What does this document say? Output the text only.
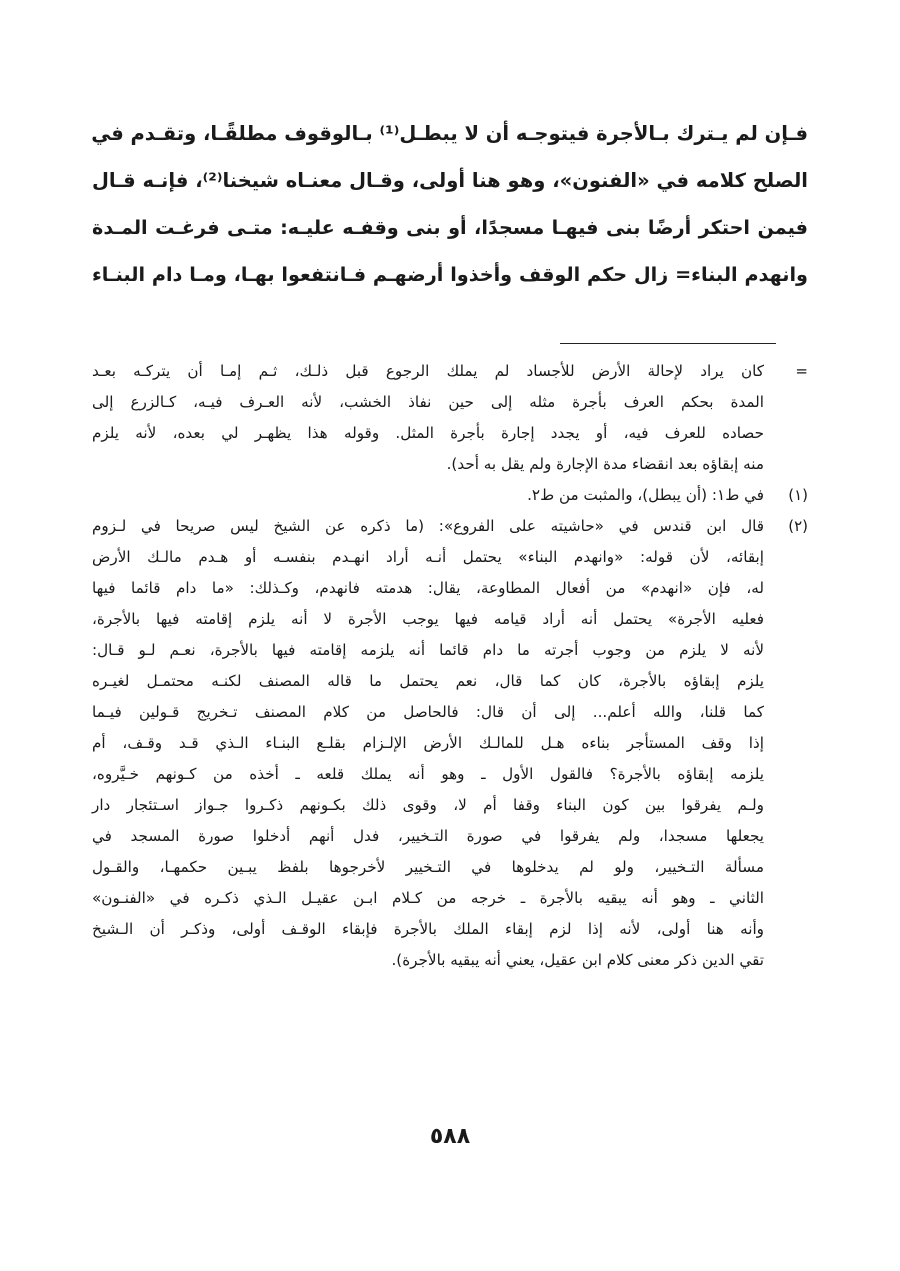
فـإن لم يـترك بـالأجرة فيتوجـه أن لا يبطـل⁽¹⁾ بـالوقوف مطلقًـا، وتقـدم في
الصلح كلامه في «الفنون»، وهو هنا أولى، وقـال معنـاه شيخنا⁽²⁾، فإنـه قـال
فيمن احتكر أرضًا بنى فيهـا مسجدًا، أو بنى وقفـه عليـه: متـى فرغـت المـدة
وانهدم البناء= زال حكم الوقف وأخذوا أرضهـم فـانتفعوا بهـا، ومـا دام البنـاء
=
كان يراد لإحالة الأرض للأجساد لم يملك الرجوع قبل ذلـك، ثـم إمـا أن يتركـه بعـد
المدة بحكم العرف بأجرة مثله إلى حين نفاذ الخشب، لأنه العـرف فيـه، كـالزرع إلى
حصاده للعرف فيه، أو يجدد إجارة بأجرة المثل. وقوله هذا يظهـر لي بعده، لأنه يلزم
منه إبقاؤه بعد انقضاء مدة الإجارة ولم يقل به أحد).
(١)
في ط١: (أن يبطل)، والمثبت من ط٢.
(٢)
قال ابن قندس في «حاشيته على الفروع»: (ما ذكره عن الشيخ ليس صريحا في لـزوم
إبقائه، لأن قوله: «وانهدم البناء» يحتمل أنـه أراد انهـدم بنفسـه أو هـدم مالـك الأرض
له، فإن «انهدم» من أفعال المطاوعة، يقال: هدمته فانهدم، وكـذلك: «ما دام قائما فيها
فعليه الأجرة» يحتمل أنه أراد قيامه فيها يوجب الأجرة لا أنه يلزم إقامته فيها بالأجرة،
لأنه لا يلزم من وجوب أجرته ما دام قائما أنه يلزمه إقامته فيها بالأجرة، نعـم لـو قـال:
يلزم إبقاؤه بالأجرة، كان كما قال، نعم يحتمل ما قاله المصنف لكنـه محتمـل لغيـره
كما قلنا، والله أعلم... إلى أن قال: فالحاصل من كلام المصنف تـخريج قـولين فيـما
إذا وقف المستأجر بناءه هـل للمالـك الأرض الإلـزام بقلـع البنـاء الـذي قـد وقـف، أم
يلزمه إبقاؤه بالأجرة؟ فالقول الأول ـ وهو أنه يملك قلعه ـ أخذه من كـونهم خـيَّروه،
ولـم يفرقوا بين كون البناء وقفا أم لا، وقوى ذلك بكـونهم ذكـروا جـواز اسـتئجار دار
يجعلها مسجدا، ولم يفرقوا في صورة التـخيير، فدل أنهم أدخلوا صورة المسجد في
مسألة التـخيير، ولو لم يدخلوها في التـخيير لأخرجوها بلفظ يبـين حكمهـا، والقـول
الثاني ـ وهو أنه يبقيه بالأجرة ـ خرجه من كـلام ابـن عقيـل الـذي ذكـره في «الفنـون»
وأنه هنا أولى، لأنه إذا لزم إبقاء الملك بالأجرة فإبقاء الوقـف أولى، وذكـر أن الـشيخ
تقي الدين ذكر معنى كلام ابن عقيل، يعني أنه يبقيه بالأجرة).
٥٨٨
